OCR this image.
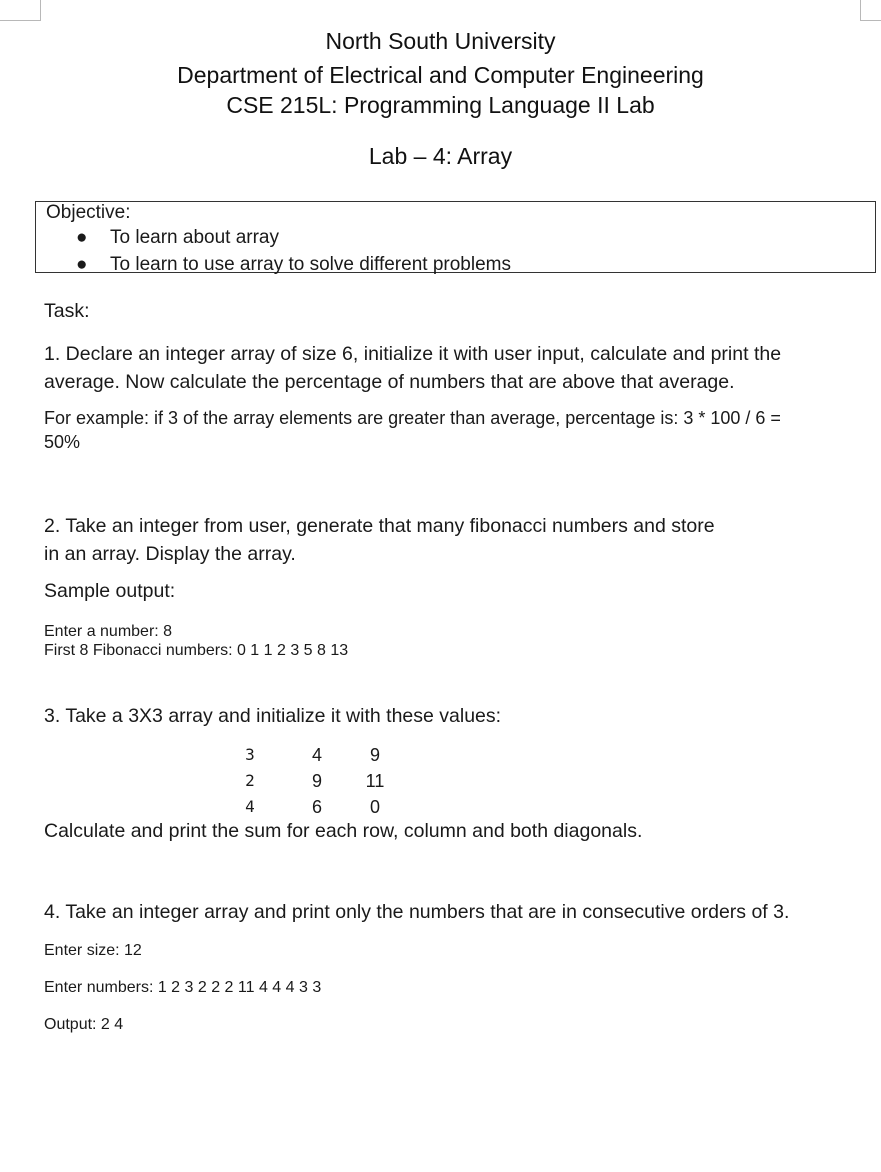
North South University
Department of Electrical and Computer Engineering
CSE 215L: Programming Language II Lab
Lab – 4: Array
Objective:
● To learn about array
● To learn to use array to solve different problems
Task:
1. Declare an integer array of size 6, initialize it with user input, calculate and print the
average. Now calculate the percentage of numbers that are above that average.
For example: if 3 of the array elements are greater than average, percentage is: 3 * 100 / 6 =
50%
2. Take an integer from user, generate that many fibonacci numbers and store
in an array. Display the array.
Sample output:
Enter a number: 8
First 8 Fibonacci numbers: 0 1 1 2 3 5 8 13
3. Take a 3X3 array and initialize it with these values:
3	4	9
2	9	11
4	6	0
Calculate and print the sum for each row, column and both diagonals.
4. Take an integer array and print only the numbers that are in consecutive orders of 3.
Enter size: 12
Enter numbers: 1 2 3 2 2 2 11 4 4 4 3 3
Output: 2 4
